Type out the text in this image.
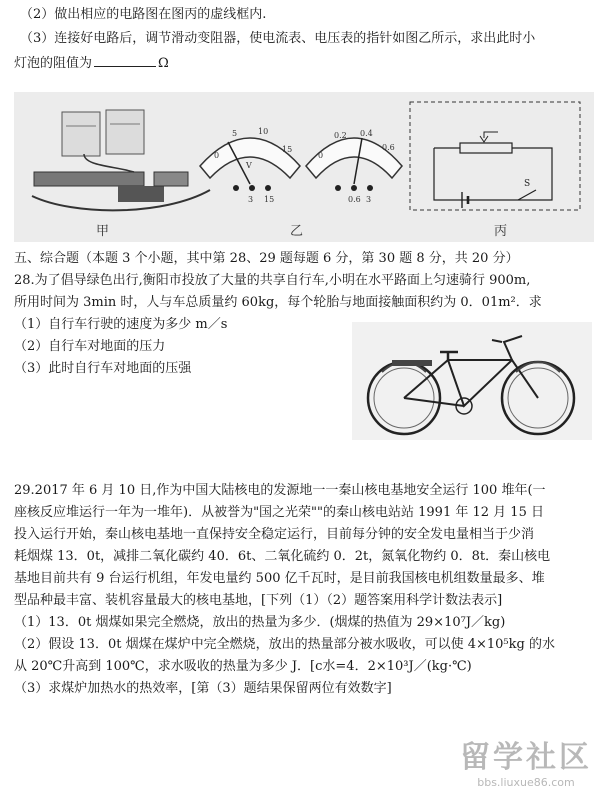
（2）做出相应的电路图在图丙的虚线框内.
（3）连接好电路后，调节滑动变阻器，使电流表、电压表的指针如图乙所示，求出此时小
灯泡的阻值为	Ω
0
5	10
15
V
3 15
0
0.2 0.4
0.6
0.6 3
S
甲	乙	丙
五、综合题（本题 3 个小题，其中第 28、29 题每题 6 分，第 30 题 8 分，共 20 分）
28.为了倡导绿色出行,衡阳市投放了大量的共享自行车,小明在水平路面上匀速骑行 900m,
所用时间为 3min 时，人与车总质量约 60kg，每个轮胎与地面接触面积约为 0．01m²．求
（1）自行车行驶的速度为多少 m／s
（2）自行车对地面的压力
（3）此时自行车对地面的压强
29.2017 年 6 月 10 日,作为中国大陆核电的发源地一一秦山核电基地安全运行 100 堆年(一
座核反应堆运行一年为一堆年)．从被誉为"国之光荣""的秦山核电站站 1991 年 12 月 15 日
投入运行开始，秦山核电基地一直保持安全稳定运行，目前每分钟的安全发电量相当于少消
耗烟煤 13．0t，减排二氧化碳约 40．6t、二氧化硫约 0．2t，氮氧化物约 0．8t．秦山核电
基地目前共有 9 台运行机组，年发电量约 500 亿千瓦时，是目前我国核电机组数量最多、堆
型品种最丰富、装机容量最大的核电基地，[下列（1）（2）题答案用科学计数法表示]
（1）13．0t 烟煤如果完全燃烧，放出的热量为多少．(烟煤的热值为 29×10⁷J／kg)
（2）假设 13．0t 烟煤在煤炉中完全燃烧，放出的热量部分被水吸收，可以使 4×10⁵kg 的水
从 20℃升高到 100℃，求水吸收的热量为多少 J．[c水=4．2×10³J／(kg·℃)
（3）求煤炉加热水的热效率，[第（3）题结果保留两位有效数字]
留学社区
bbs.liuxue86.com
